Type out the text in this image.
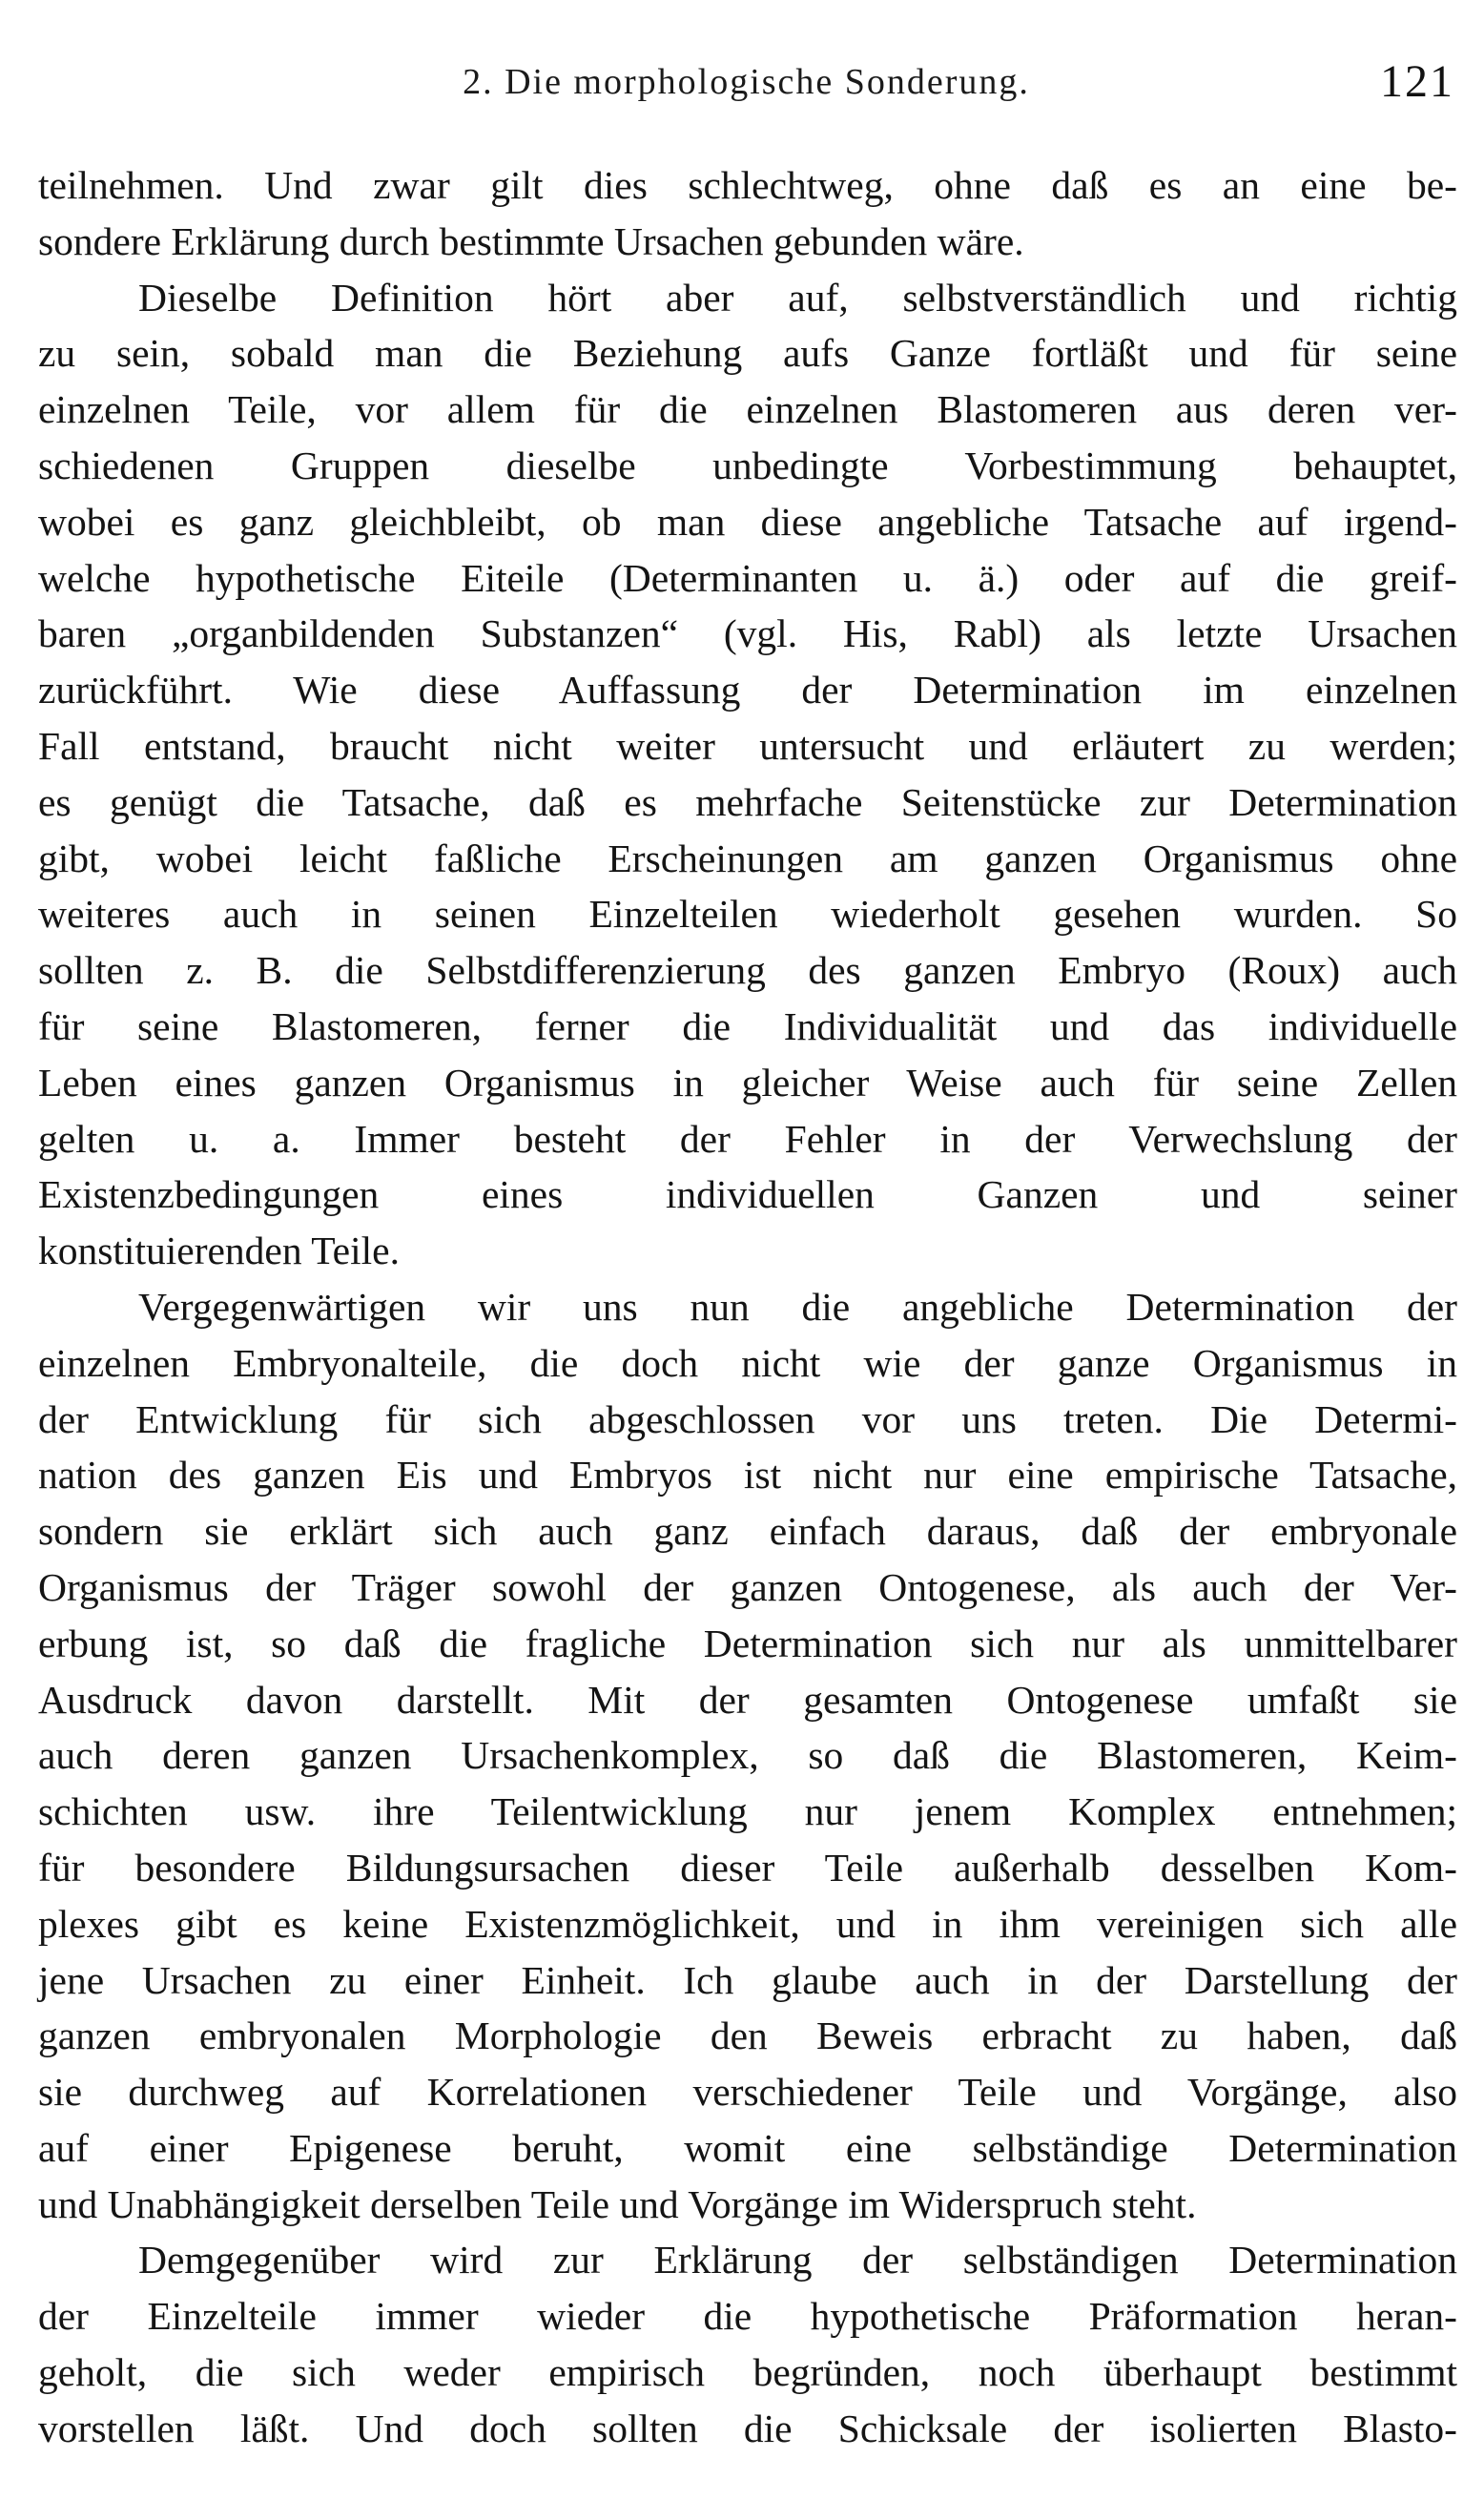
2. Die morphologische Sonderung.	121
teilnehmen. Und zwar gilt dies schlechtweg, ohne daß es an eine be-
sondere Erklärung durch bestimmte Ursachen gebunden wäre.
Dieselbe Definition hört aber auf, selbstverständlich und richtig
zu sein, sobald man die Beziehung aufs Ganze fortläßt und für seine
einzelnen Teile, vor allem für die einzelnen Blastomeren aus deren ver-
schiedenen Gruppen dieselbe unbedingte Vorbestimmung behauptet,
wobei es ganz gleichbleibt, ob man diese angebliche Tatsache auf irgend-
welche hypothetische Eiteile (Determinanten u. ä.) oder auf die greif-
baren „organbildenden Substanzen“ (vgl. His, Rabl) als letzte Ursachen
zurückführt. Wie diese Auffassung der Determination im einzelnen
Fall entstand, braucht nicht weiter untersucht und erläutert zu werden;
es genügt die Tatsache, daß es mehrfache Seitenstücke zur Determination
gibt, wobei leicht faßliche Erscheinungen am ganzen Organismus ohne
weiteres auch in seinen Einzelteilen wiederholt gesehen wurden. So
sollten z. B. die Selbstdifferenzierung des ganzen Embryo (Roux) auch
für seine Blastomeren, ferner die Individualität und das individuelle
Leben eines ganzen Organismus in gleicher Weise auch für seine Zellen
gelten u. a. Immer besteht der Fehler in der Verwechslung der
Existenzbedingungen eines individuellen Ganzen und seiner
konstituierenden Teile.
Vergegenwärtigen wir uns nun die angebliche Determination der
einzelnen Embryonalteile, die doch nicht wie der ganze Organismus in
der Entwicklung für sich abgeschlossen vor uns treten. Die Determi-
nation des ganzen Eis und Embryos ist nicht nur eine empirische Tatsache,
sondern sie erklärt sich auch ganz einfach daraus, daß der embryonale
Organismus der Träger sowohl der ganzen Ontogenese, als auch der Ver-
erbung ist, so daß die fragliche Determination sich nur als unmittelbarer
Ausdruck davon darstellt. Mit der gesamten Ontogenese umfaßt sie
auch deren ganzen Ursachenkomplex, so daß die Blastomeren, Keim-
schichten usw. ihre Teilentwicklung nur jenem Komplex entnehmen;
für besondere Bildungsursachen dieser Teile außerhalb desselben Kom-
plexes gibt es keine Existenzmöglichkeit, und in ihm vereinigen sich alle
jene Ursachen zu einer Einheit. Ich glaube auch in der Darstellung der
ganzen embryonalen Morphologie den Beweis erbracht zu haben, daß
sie durchweg auf Korrelationen verschiedener Teile und Vorgänge, also
auf einer Epigenese beruht, womit eine selbständige Determination
und Unabhängigkeit derselben Teile und Vorgänge im Widerspruch steht.
Demgegenüber wird zur Erklärung der selbständigen Determination
der Einzelteile immer wieder die hypothetische Präformation heran-
geholt, die sich weder empirisch begründen, noch überhaupt bestimmt
vorstellen läßt. Und doch sollten die Schicksale der isolierten Blasto-
